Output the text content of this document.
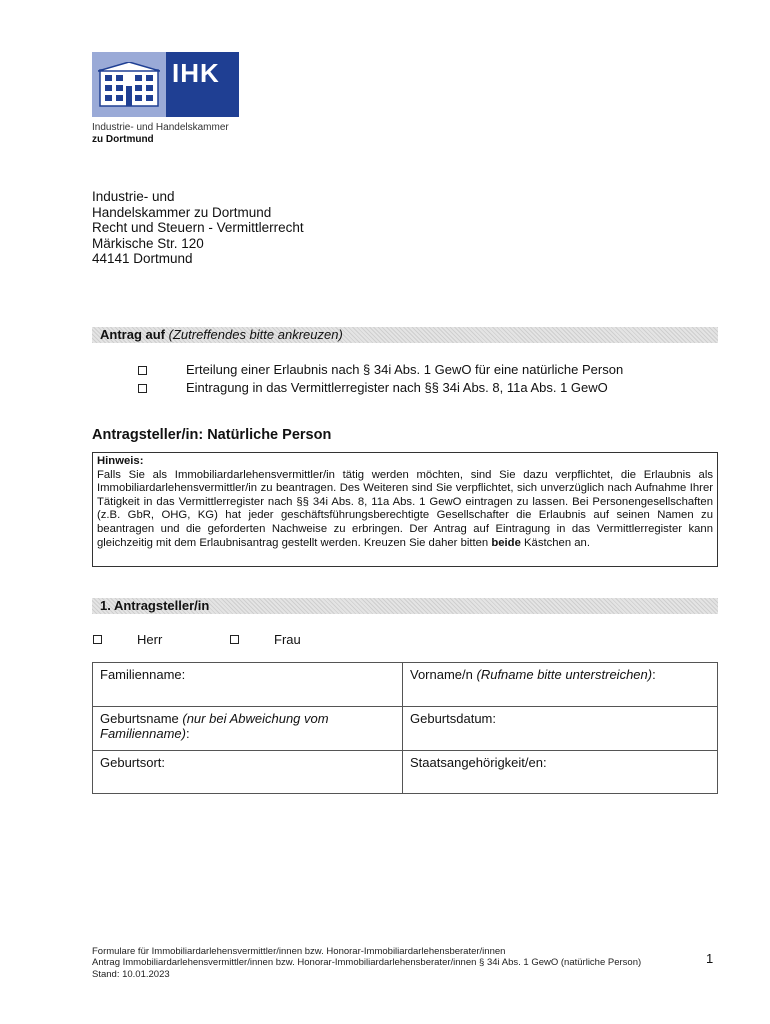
IHK
Industrie- und Handelskammer
zu Dortmund
Industrie- und
Handelskammer zu Dortmund
Recht und Steuern - Vermittlerrecht
Märkische Str. 120
44141 Dortmund
Antrag auf (Zutreffendes bitte ankreuzen)
Erteilung einer Erlaubnis nach § 34i Abs. 1 GewO für eine natürliche Person
Eintragung in das Vermittlerregister nach §§ 34i Abs. 8, 11a Abs. 1 GewO
Antragsteller/in: Natürliche Person
Hinweis:

Falls Sie als Immobiliardarlehensvermittler/in tätig werden möchten, sind Sie dazu verpflichtet, die Erlaubnis als Immobiliardarlehensvermittler/in zu beantragen. Des Weiteren sind Sie verpflichtet, sich unverzüglich nach Aufnahme Ihrer Tätigkeit in das Vermittlerregister nach §§ 34i Abs. 8, 11a Abs. 1 GewO eintragen zu lassen. Bei Personengesellschaften (z.B. GbR, OHG, KG) hat jeder geschäftsführungsberechtigte Gesellschafter die Erlaubnis auf seinen Namen zu beantragen und die geforderten Nachweise zu erbringen. Der Antrag auf Eintragung in das Vermittlerregister kann gleichzeitig mit dem Erlaubnisantrag gestellt werden. Kreuzen Sie daher bitten beide Kästchen an.

1. Antragsteller/in
Herr	Frau
Familienname:	Vorname/n (Rufname bitte unterstreichen):
Geburtsname (nur bei Abweichung vom Familienname):	Geburtsdatum:
Geburtsort:	Staatsangehörigkeit/en:
Formulare für Immobiliardarlehensvermittler/innen bzw. Honorar-Immobiliardarlehensberater/innen
Antrag Immobiliardarlehensvermittler/innen bzw. Honorar-Immobiliardarlehensberater/innen § 34i Abs. 1 GewO (natürliche Person)
Stand: 10.01.2023
1
